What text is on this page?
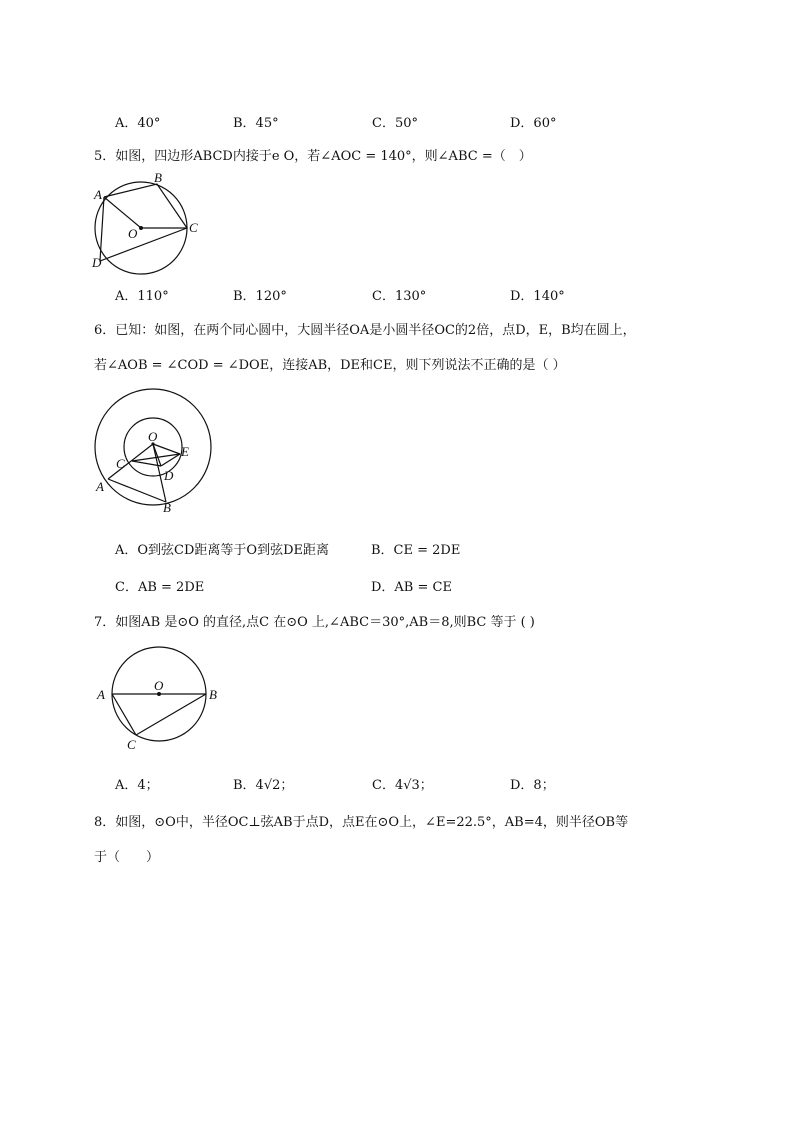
A．40°	B．45°	C．50°	D．60°
5．如图，四边形ABCD内接于e O，若∠AOC = 140°，则∠ABC =（　）
A
B
C
D
O
A．110°	B．120°	C．130°	D．140°
6．已知：如图，在两个同心圆中，大圆半径OA是小圆半径OC的2倍，点D，E，B均在圆上，
若∠AOB = ∠COD = ∠DOE，连接AB，DE和CE，则下列说法不正确的是（ ）
O
C
E
D
A
B
A．O到弦CD距离等于O到弦DE距离	B．CE = 2DE
C．AB = 2DE	D．AB = CE
7．如图AB 是⊙O 的直径,点C 在⊙O 上,∠ABC＝30°,AB＝8,则BC 等于 ( )
A
O
B
C
A．4；	B．4√2；	C．4√3；	D．8；
8．如图，⊙O中，半径OC⊥弦AB于点D，点E在⊙O上，∠E=22.5°，AB=4，则半径OB等
于（　　）
